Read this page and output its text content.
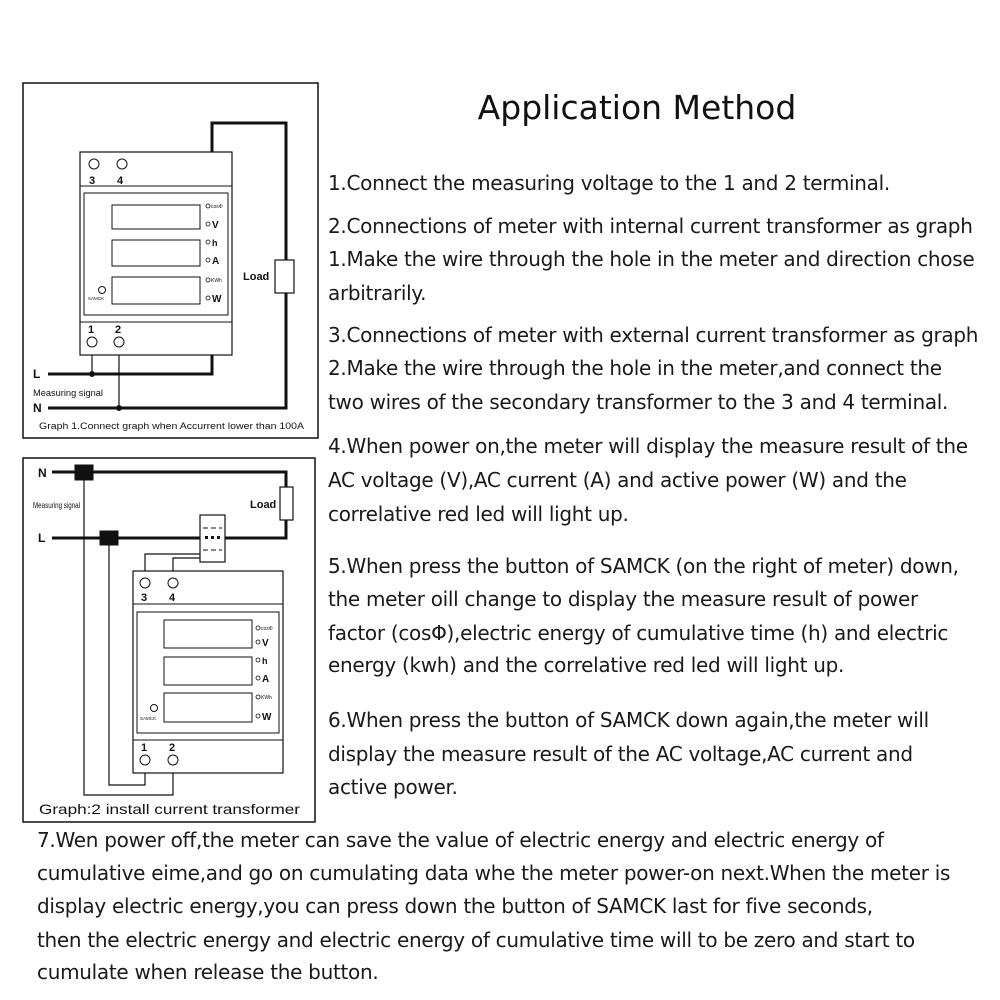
3 4
1 2
cosΦ
V
h
A
KWh
W
SAMCK
Load
L
N
Measuring signal
Graph 1.Connect graph when Accurrent lower than 100A
3 4
1 2
cosΦ
V
h
A
KWh
W
SAMCK
Load
L
N
Measuring signal
Graph:2 install current transformer
Application Method
1.Connect the measuring voltage to the 1 and 2 terminal.
2.Connections of meter with internal current transformer as graph
1.Make the wire through the hole in the meter and direction chose
arbitrarily.
3.Connections of meter with external current transformer as graph
2.Make the wire through the hole in the meter,and connect the
two wires of the secondary transformer to the 3 and 4 terminal.
4.When power on,the meter will display the measure result of the
AC voltage (V),AC current (A) and active power (W) and the
correlative red led will light up.
5.When press the button of SAMCK (on the right of meter) down,
the meter oill change to display the measure result of power
factor (cosΦ),electric energy of cumulative time (h) and electric
energy (kwh) and the correlative red led will light up.
6.When press the button of SAMCK down again,the meter will
display the measure result of the AC voltage,AC current and
active power.
7.Wen power off,the meter can save the value of electric energy and electric energy of
cumulative eime,and go on cumulating data whe the meter power-on next.When the meter is
display electric energy,you can press down the button of SAMCK last for five seconds,
then the electric energy and electric energy of cumulative time will to be zero and start to
cumulate when release the button.
